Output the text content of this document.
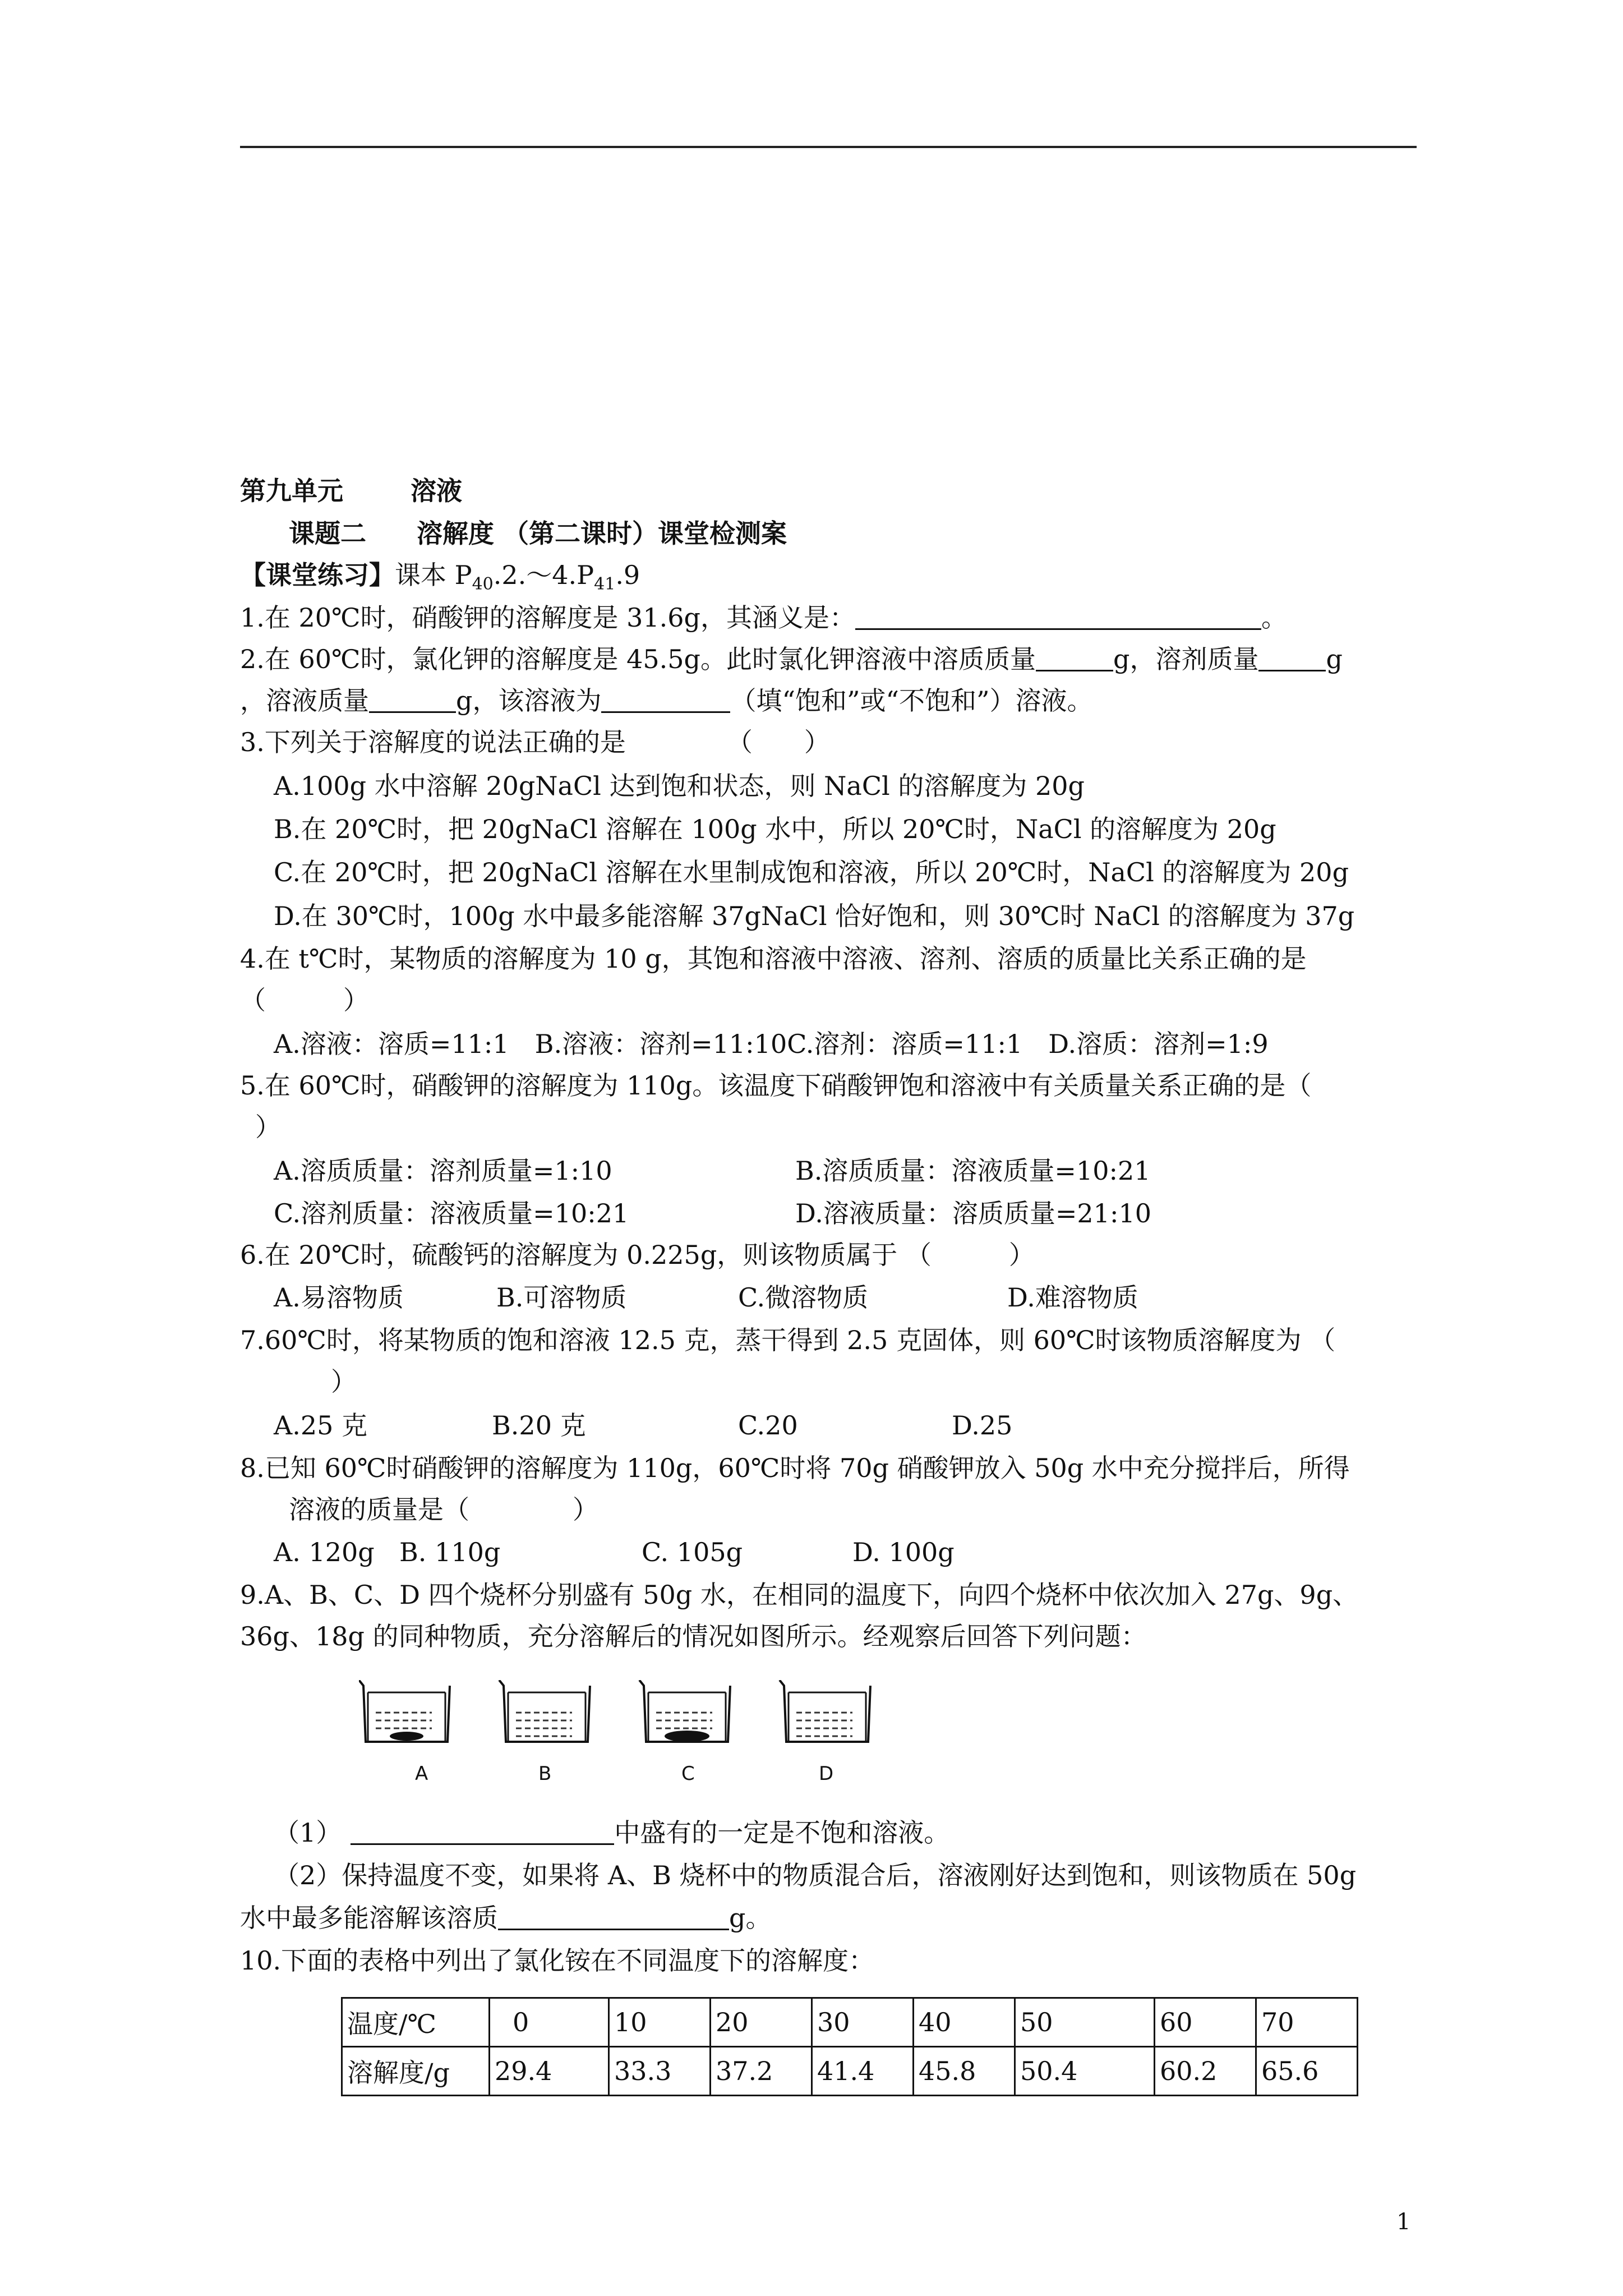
第九单元	溶液
课题二 溶解度 （第二课时）课堂检测案
【课堂练习】课本 $P_{40}.2.\sim 4.P_{41}.9$
1.在 20℃时，硝酸钾的溶解度是 31.6g，其涵义是：	。
2.在 60℃时，氯化钾的溶解度是 45.5g。此时氯化钾溶液中溶质质量	g，溶剂质量	g
，溶液质量	g，该溶液为	（填“饱和”或“不饱和”）溶液。
3.下列关于溶解度的说法正确的是	（　　）
A.100g 水中溶解 20gNaCl 达到饱和状态，则 NaCl 的溶解度为 20g
B.在 20℃时，把 20gNaCl 溶解在 100g 水中，所以 20℃时，NaCl 的溶解度为 20g
C.在 20℃时，把 20gNaCl 溶解在水里制成饱和溶液，所以 20℃时，NaCl 的溶解度为 20g
D.在 30℃时，100g 水中最多能溶解 37gNaCl 恰好饱和，则 30℃时 NaCl 的溶解度为 37g
4.在 t℃时，某物质的溶解度为 10 g，其饱和溶液中溶液、溶剂、溶质的质量比关系正确的是
（　　　）
A.溶液：溶质=11:1　B.溶液：溶剂=11:10C.溶剂：溶质=11:1　D.溶质：溶剂=1:9
5.在 60℃时，硝酸钾的溶解度为 110g。该温度下硝酸钾饱和溶液中有关质量关系正确的是（
）
A.溶质质量：溶剂质量=1:10	B.溶质质量：溶液质量=10:21
C.溶剂质量：溶液质量=10:21	D.溶液质量：溶质质量=21:10
6.在 20℃时，硫酸钙的溶解度为 0.225g，则该物质属于 （　　　）
A.易溶物质	B.可溶物质	C.微溶物质	D.难溶物质
7.60℃时，将某物质的饱和溶液 12.5 克，蒸干得到 2.5 克固体，则 60℃时该物质溶解度为 （
）
A.25 克	B.20 克	C.20	D.25
8.已知 60℃时硝酸钾的溶解度为 110g，60℃时将 70g 硝酸钾放入 50g 水中充分搅拌后，所得
溶液的质量是（　　　　）
A. 120g B. 110g	C. 105g	D. 100g
9.A、B、C、D 四个烧杯分别盛有 50g 水，在相同的温度下，向四个烧杯中依次加入 27g、9g、
36g、18g 的同种物质，充分溶解后的情况如图所示。经观察后回答下列问题：
A	B	C	D
（1）	中盛有的一定是不饱和溶液。
（2）保持温度不变，如果将 A、B 烧杯中的物质混合后，溶液刚好达到饱和，则该物质在 50g
水中最多能溶解该溶质	g。
10.下面的表格中列出了氯化铵在不同温度下的溶解度：
温度/℃	0	10	20	30	40	50	60	70
溶解度/g	29.4	33.3	37.2	41.4	45.8	50.4	60.2	65.6
1
